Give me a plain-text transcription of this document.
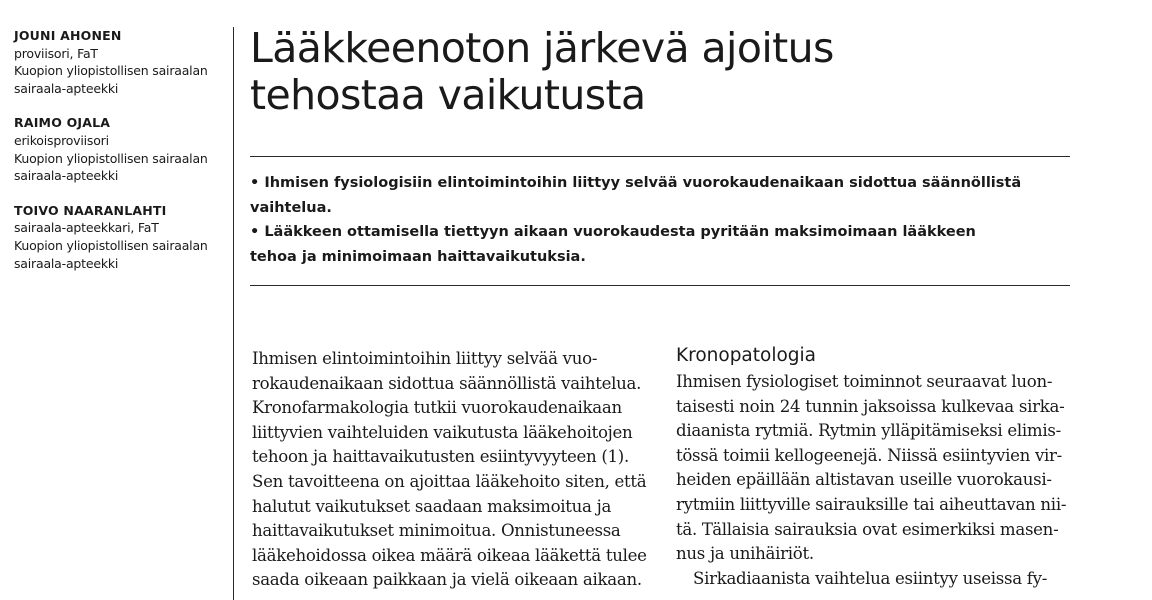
JOUNI AHONEN
proviisori, FaT
Kuopion yliopistollisen sairaalan
sairaala-apteekki
RAIMO OJALA
erikoisproviisori
Kuopion yliopistollisen sairaalan
sairaala-apteekki
TOIVO NAARANLAHTI
sairaala-apteekkari, FaT
Kuopion yliopistollisen sairaalan
sairaala-apteekki
Lääkkeenoton järkevä ajoitus
tehostaa vaikutusta

• Ihmisen fysiologisiin elintoimintoihin liittyy selvää vuorokaudenaikaan sidottua säännöllistä
vaihtelua.

• Lääkkeen ottamisella tiettyyn aikaan vuorokaudesta pyritään maksimoimaan lääkkeen
tehoa ja minimoimaan haittavaikutuksia.

Ihmisen elintoimintoihin liittyy selvää vuo-
rokaudenaikaan sidottua säännöllistä vaihtelua.
Kronofarmakologia tutkii vuorokaudenaikaan
liittyvien vaihteluiden vaikutusta lääkehoitojen
tehoon ja haittavaikutusten esiintyvyyteen (1).
Sen tavoitteena on ajoittaa lääkehoito siten, että
halutut vaikutukset saadaan maksimoitua ja
haittavaikutukset minimoitua. Onnistuneessa
lääkehoidossa oikea määrä oikeaa lääkettä tulee
saada oikeaan paikkaan ja vielä oikeaan aikaan.

Kronopatologia

Ihmisen fysiologiset toiminnot seuraavat luon-
taisesti noin 24 tunnin jaksoissa kulkevaa sirka-
diaanista rytmiä. Rytmin ylläpitämiseksi elimis-
tössä toimii kellogeenejä. Niissä esiintyvien vir-
heiden epäillään altistavan useille vuorokausi-
rytmiin liittyville sairauksille tai aiheuttavan nii-
tä. Tällaisia sairauksia ovat esimerkiksi masen-
nus ja unihäiriöt.

Sirkadiaanista vaihtelua esiintyy useissa fy-
